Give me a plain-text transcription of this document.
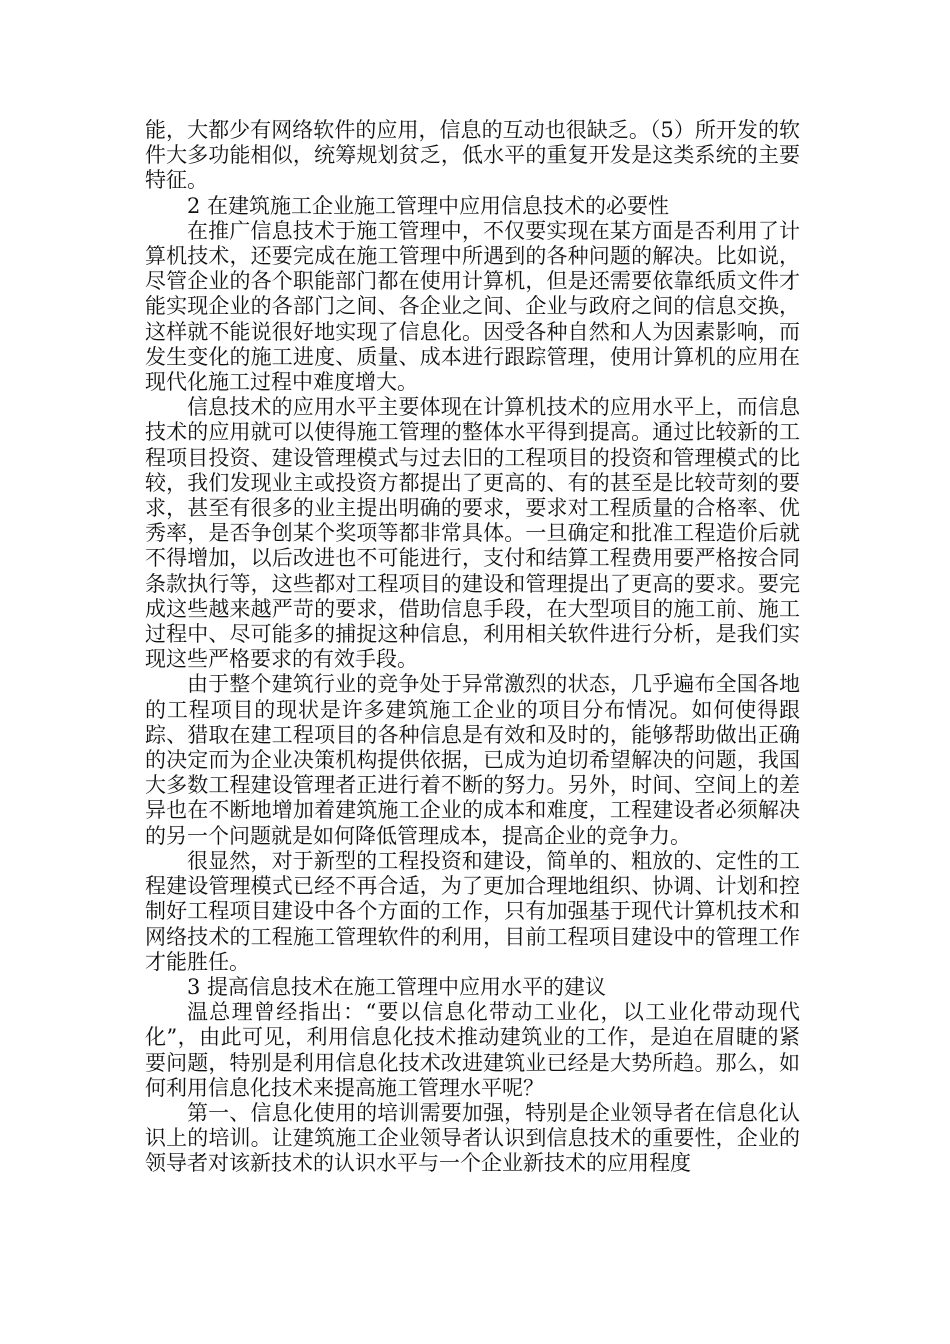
能，大都少有网络软件的应用，信息的互动也很缺乏。（5）所开发的软件大多功能相似，统筹规划贫乏，低水平的重复开发是这类系统的主要特征。

2 在建筑施工企业施工管理中应用信息技术的必要性

在推广信息技术于施工管理中，不仅要实现在某方面是否利用了计算机技术，还要完成在施工管理中所遇到的各种问题的解决。比如说，尽管企业的各个职能部门都在使用计算机，但是还需要依靠纸质文件才能实现企业的各部门之间、各企业之间、企业与政府之间的信息交换，这样就不能说很好地实现了信息化。因受各种自然和人为因素影响，而发生变化的施工进度、质量、成本进行跟踪管理，使用计算机的应用在现代化施工过程中难度增大。

信息技术的应用水平主要体现在计算机技术的应用水平上，而信息技术的应用就可以使得施工管理的整体水平得到提高。通过比较新的工程项目投资、建设管理模式与过去旧的工程项目的投资和管理模式的比较，我们发现业主或投资方都提出了更高的、有的甚至是比较苛刻的要求，甚至有很多的业主提出明确的要求，要求对工程质量的合格率、优秀率，是否争创某个奖项等都非常具体。一旦确定和批准工程造价后就不得增加，以后改进也不可能进行，支付和结算工程费用要严格按合同条款执行等，这些都对工程项目的建设和管理提出了更高的要求。要完成这些越来越严苛的要求，借助信息手段，在大型项目的施工前、施工过程中、尽可能多的捕捉这种信息，利用相关软件进行分析，是我们实现这些严格要求的有效手段。

由于整个建筑行业的竞争处于异常激烈的状态，几乎遍布全国各地的工程项目的现状是许多建筑施工企业的项目分布情况。如何使得跟踪、猎取在建工程项目的各种信息是有效和及时的，能够帮助做出正确的决定而为企业决策机构提供依据，已成为迫切希望解决的问题，我国大多数工程建设管理者正进行着不断的努力。另外，时间、空间上的差异也在不断地增加着建筑施工企业的成本和难度，工程建设者必须解决的另一个问题就是如何降低管理成本，提高企业的竞争力。

很显然，对于新型的工程投资和建设，简单的、粗放的、定性的工程建设管理模式已经不再合适，为了更加合理地组织、协调、计划和控制好工程项目建设中各个方面的工作，只有加强基于现代计算机技术和网络技术的工程施工管理软件的利用，目前工程项目建设中的管理工作才能胜任。

3 提高信息技术在施工管理中应用水平的建议

温总理曾经指出：“要以信息化带动工业化，以工业化带动现代化”，由此可见，利用信息化技术推动建筑业的工作，是迫在眉睫的紧要问题，特别是利用信息化技术改进建筑业已经是大势所趋。那么，如何利用信息化技术来提高施工管理水平呢？

第一、信息化使用的培训需要加强，特别是企业领导者在信息化认识上的培训。让建筑施工企业领导者认识到信息技术的重要性，企业的领导者对该新技术的认识水平与一个企业新技术的应用程度
